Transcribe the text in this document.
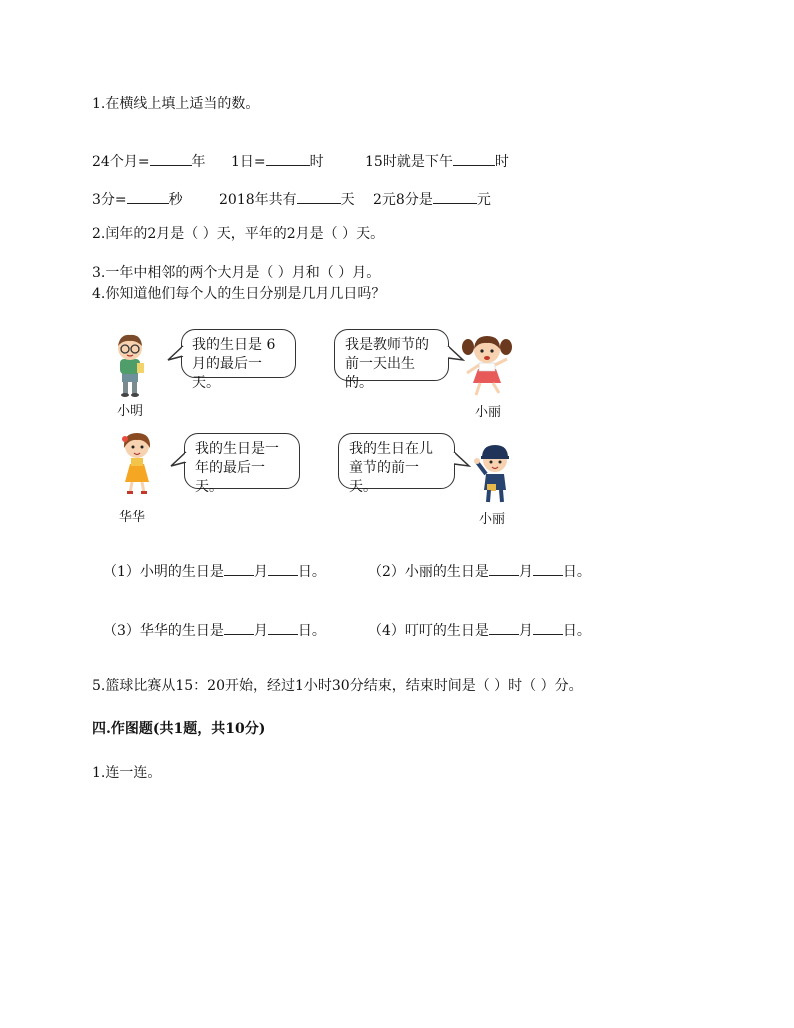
1.在横线上填上适当的数。
24个月=	年 1日=	时	15时就是下午	时
3分=	秒	2018年共有	天 2元8分是	元
2.闰年的2月是（ ）天，平年的2月是（ ）天。
3.一年中相邻的两个大月是（ ）月和（ ）月。
4.你知道他们每个人的生日分别是几月几日吗？
小明
我的生日是 6
月的最后一天。
我是教师节的
前一天出生的。
小丽
华华
我的生日是一
年的最后一天。
我的生日在儿
童节的前一天。
小丽
（1）小明的生日是 月 日。	（2）小丽的生日是 月 日。
（3）华华的生日是 月 日。	（4）叮叮的生日是 月 日。
5.篮球比赛从15：20开始，经过1小时30分结束，结束时间是（ ）时（ ）分。
四.作图题(共1题，共10分)
1.连一连。
